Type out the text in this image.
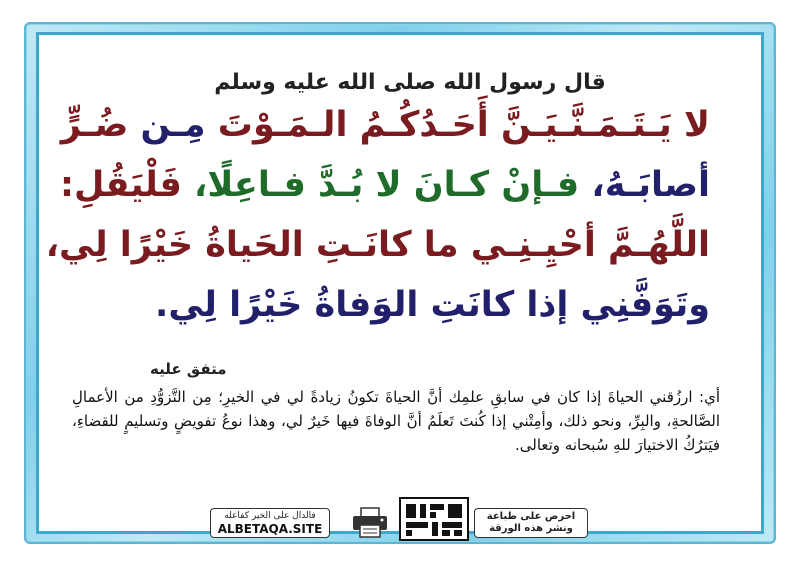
قال رسول الله صلى الله عليه وسلم
لا يَـتَـمَـنَّـيَـنَّ أَحَـدُكُـمُ الـمَـوْتَ مِـن ضُـرٍّ
أصابَـهُ، فـإنْ كـانَ لا بُـدَّ فـاعِلًا، فَلْيَقُلِ:
اللَّهُـمَّ أحْيِـنِـي ما كانَـتِ الحَياةُ خَيْرًا لِي،
وتَوَفَّنِي إذا كانَتِ الوَفاةُ خَيْرًا لِي.
متفق عليه
أي: ارزُقني الحياةَ إذا كان في سابقِ علمِك أنَّ الحياةَ تكونُ زيادةً لي في الخيرِ؛ مِن التَّزوُّدِ من الأعمالِ الصَّالحةِ، والبِرِّ، ونحو ذلك، وأمِتْني إذا كُنتَ تَعلَمُ أنَّ الوفاةَ فيها خَيرٌ لي، وهذا نوعُ تفويضٍ وتسليمٍ للقضاءِ، فيَترُكُ الاختيارَ للهِ سُبحانه وتعالى.
فالدال على الخير كفاعله
ALBETAQA.SITE
احرص على طباعة ونشر هذه الورقة
